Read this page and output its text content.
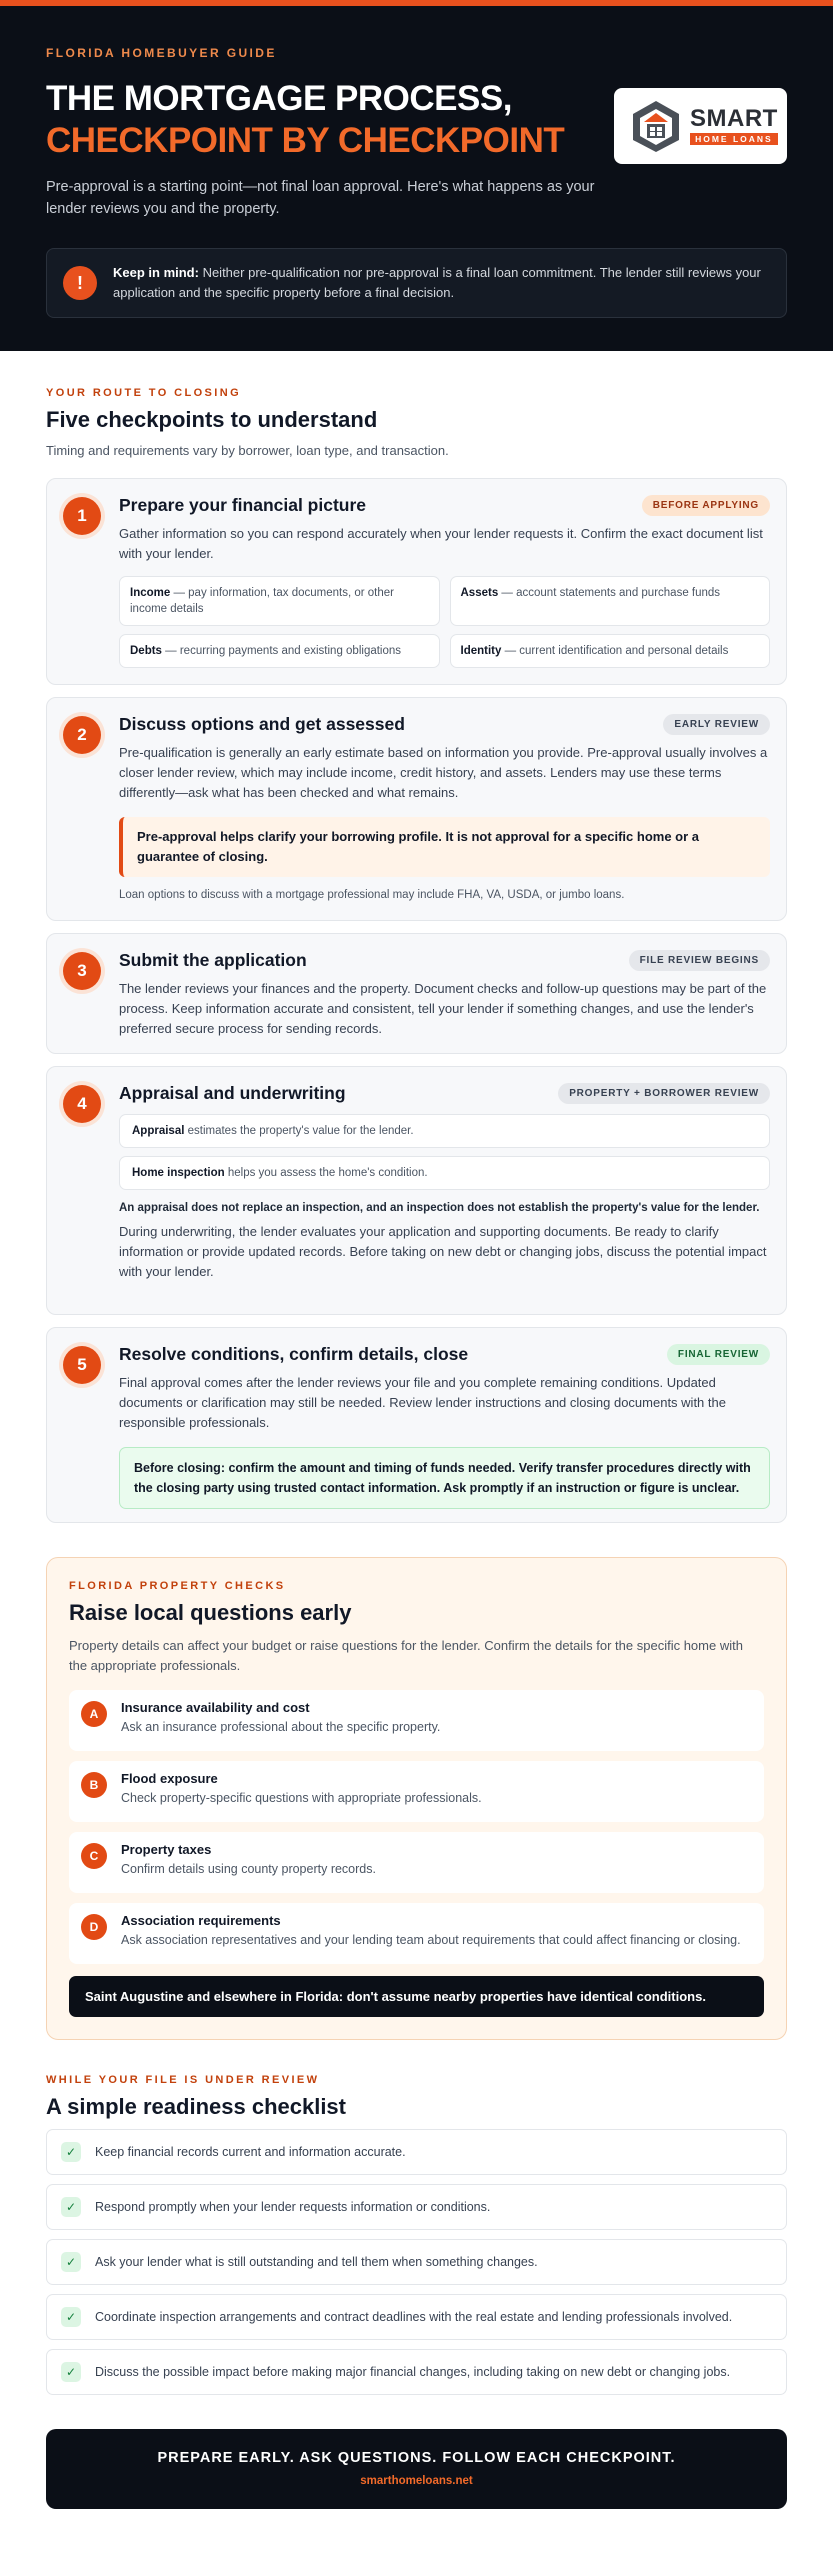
FLORIDA HOMEBUYER GUIDE
THE MORTGAGE PROCESS,
CHECKPOINT BY CHECKPOINT

Pre-approval is a starting point—not final loan approval. Here's what happens as your lender reviews you and the property.

SMART
HOME LOANS
!	Keep in mind: Neither pre-qualification nor pre-approval is a final loan commitment. The lender still reviews your application and the specific property before a final decision.

YOUR ROUTE TO CLOSING
Five checkpoints to understand
Timing and requirements vary by borrower, loan type, and transaction.
1
Prepare your financial picture	BEFORE APPLYING

Gather information so you can respond accurately when your lender requests it. Confirm the exact document list with your lender.

Income — pay information, tax documents, or other income details
Assets — account statements and purchase funds
Debts — recurring payments and existing obligations	Identity — current identification and personal details
2
Discuss options and get assessed	EARLY REVIEW

Pre-qualification is generally an early estimate based on information you provide. Pre-approval usually involves a closer lender review, which may include income, credit history, and assets. Lenders may use these terms differently—ask what has been checked and what remains.

Pre-approval helps clarify your borrowing profile. It is not approval for a specific home or a guarantee of closing.
Loan options to discuss with a mortgage professional may include FHA, VA, USDA, or jumbo loans.
3
Submit the application	FILE REVIEW BEGINS

The lender reviews your finances and the property. Document checks and follow-up questions may be part of the process. Keep information accurate and consistent, tell your lender if something changes, and use the lender's preferred secure process for sending records.

4
Appraisal and underwriting	PROPERTY + BORROWER REVIEW
Appraisal estimates the property's value for the lender.
Home inspection helps you assess the home's condition.
An appraisal does not replace an inspection, and an inspection does not establish the property's value for the lender.

During underwriting, the lender evaluates your application and supporting documents. Be ready to clarify information or provide updated records. Before taking on new debt or changing jobs, discuss the potential impact with your lender.

5
Resolve conditions, confirm details, close	FINAL REVIEW

Final approval comes after the lender reviews your file and you complete remaining conditions. Updated documents or clarification may still be needed. Review lender instructions and closing documents with the responsible professionals.

Before closing: confirm the amount and timing of funds needed. Verify transfer procedures directly with the closing party using trusted contact information. Ask promptly if an instruction or figure is unclear.
FLORIDA PROPERTY CHECKS
Raise local questions early
Property details can affect your budget or raise questions for the lender. Confirm the details for the specific home with the appropriate professionals.
A	Insurance availability and cost
Ask an insurance professional about the specific property.
B	Flood exposure
Check property-specific questions with appropriate professionals.
C	Property taxes
Confirm details using county property records.
D	Association requirements
Ask association representatives and your lending team about requirements that could affect financing or closing.
Saint Augustine and elsewhere in Florida: don't assume nearby properties have identical conditions.
WHILE YOUR FILE IS UNDER REVIEW
A simple readiness checklist
✓	Keep financial records current and information accurate.
✓	Respond promptly when your lender requests information or conditions.
✓	Ask your lender what is still outstanding and tell them when something changes.
✓	Coordinate inspection arrangements and contract deadlines with the real estate and lending professionals involved.
✓	Discuss the possible impact before making major financial changes, including taking on new debt or changing jobs.
PREPARE EARLY. ASK QUESTIONS. FOLLOW EACH CHECKPOINT.
smarthomeloans.net
